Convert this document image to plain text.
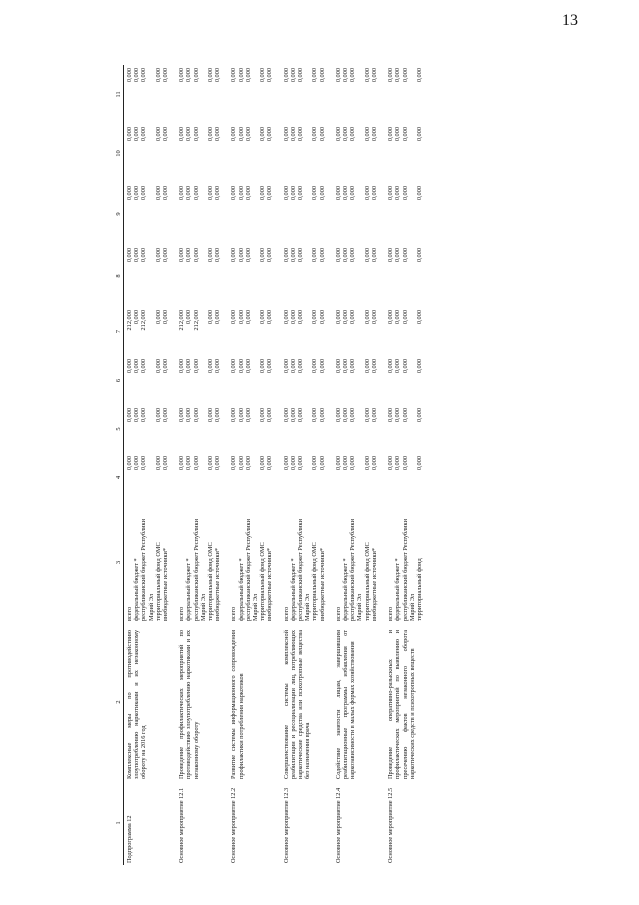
13
1	2	3	4	5	6	7	8	9	10	11
Подпрограмма 12	Комплексные меры по противодействию злоупотреблению наркотиками и их незаконному обороту на 2016 год	всего	0,000	0,000	0,000	212,000	0,000	0,000	0,000	0,000
		федеральный бюджет *	0,000	0,000	0,000	0,000	0,000	0,000	0,000	0,000
		республиканский бюджет Республики Марий Эл	0,000	0,000	0,000	212,000	0,000	0,000	0,000	0,000
		территориальный фонд ОМС	0,000	0,000	0,000	0,000	0,000	0,000	0,000	0,000
		внебюджетные источники*	0,000	0,000	0,000	0,000	0,000	0,000	0,000	0,000
Основное мероприятие 12.1	Проведение профилактических мероприятий по противодействию злоупотреблению наркотиками и их незаконному обороту	всего	0,000	0,000	0,000	212,000	0,000	0,000	0,000	0,000
		федеральный бюджет *	0,000	0,000	0,000	0,000	0,000	0,000	0,000	0,000
		республиканский бюджет Республики Марий Эл	0,000	0,000	0,000	212,000	0,000	0,000	0,000	0,000
		территориальный фонд ОМС	0,000	0,000	0,000	0,000	0,000	0,000	0,000	0,000
		внебюджетные источники*	0,000	0,000	0,000	0,000	0,000	0,000	0,000	0,000
Основное мероприятие 12.2	Развитие системы информационного сопровождения профилактики потребления наркотиков	всего	0,000	0,000	0,000	0,000	0,000	0,000	0,000	0,000
		федеральный бюджет *	0,000	0,000	0,000	0,000	0,000	0,000	0,000	0,000
		республиканский бюджет Республики Марий Эл	0,000	0,000	0,000	0,000	0,000	0,000	0,000	0,000
		территориальный фонд ОМС	0,000	0,000	0,000	0,000	0,000	0,000	0,000	0,000
		внебюджетные источники*	0,000	0,000	0,000	0,000	0,000	0,000	0,000	0,000
Основное мероприятие 12.3	Совершенствование системы комплексной реабилитации и ресоциализации лиц, потребляющих наркотические средства или психотропные вещества без назначения врача	всего	0,000	0,000	0,000	0,000	0,000	0,000	0,000	0,000
		федеральный бюджет *	0,000	0,000	0,000	0,000	0,000	0,000	0,000	0,000
		республиканский бюджет Республики Марий Эл	0,000	0,000	0,000	0,000	0,000	0,000	0,000	0,000
		территориальный фонд ОМС	0,000	0,000	0,000	0,000	0,000	0,000	0,000	0,000
		внебюджетные источники*	0,000	0,000	0,000	0,000	0,000	0,000	0,000	0,000
Основное мероприятие 12.4	Содействие занятости лицам, завершившим реабилитационные программы избавления от наркозависимости в малых формах хозяйствования	всего	0,000	0,000	0,000	0,000	0,000	0,000	0,000	0,000
		федеральный бюджет *	0,000	0,000	0,000	0,000	0,000	0,000	0,000	0,000
		республиканский бюджет Республики Марий Эл	0,000	0,000	0,000	0,000	0,000	0,000	0,000	0,000
		территориальный фонд ОМС	0,000	0,000	0,000	0,000	0,000	0,000	0,000	0,000
		внебюджетные источники*	0,000	0,000	0,000	0,000	0,000	0,000	0,000	0,000
Основное мероприятие 12.5	Проведение оперативно-разыскных и профилактических мероприятий по выявлению и пресечению фактов незаконного оборота наркотических средств и психотропных веществ	всего	0,000	0,000	0,000	0,000	0,000	0,000	0,000	0,000
		федеральный бюджет *	0,000	0,000	0,000	0,000	0,000	0,000	0,000	0,000
		республиканский бюджет Республики Марий Эл	0,000	0,000	0,000	0,000	0,000	0,000	0,000	0,000
		территориальный фонд	0,000	0,000	0,000	0,000	0,000	0,000	0,000	0,000
